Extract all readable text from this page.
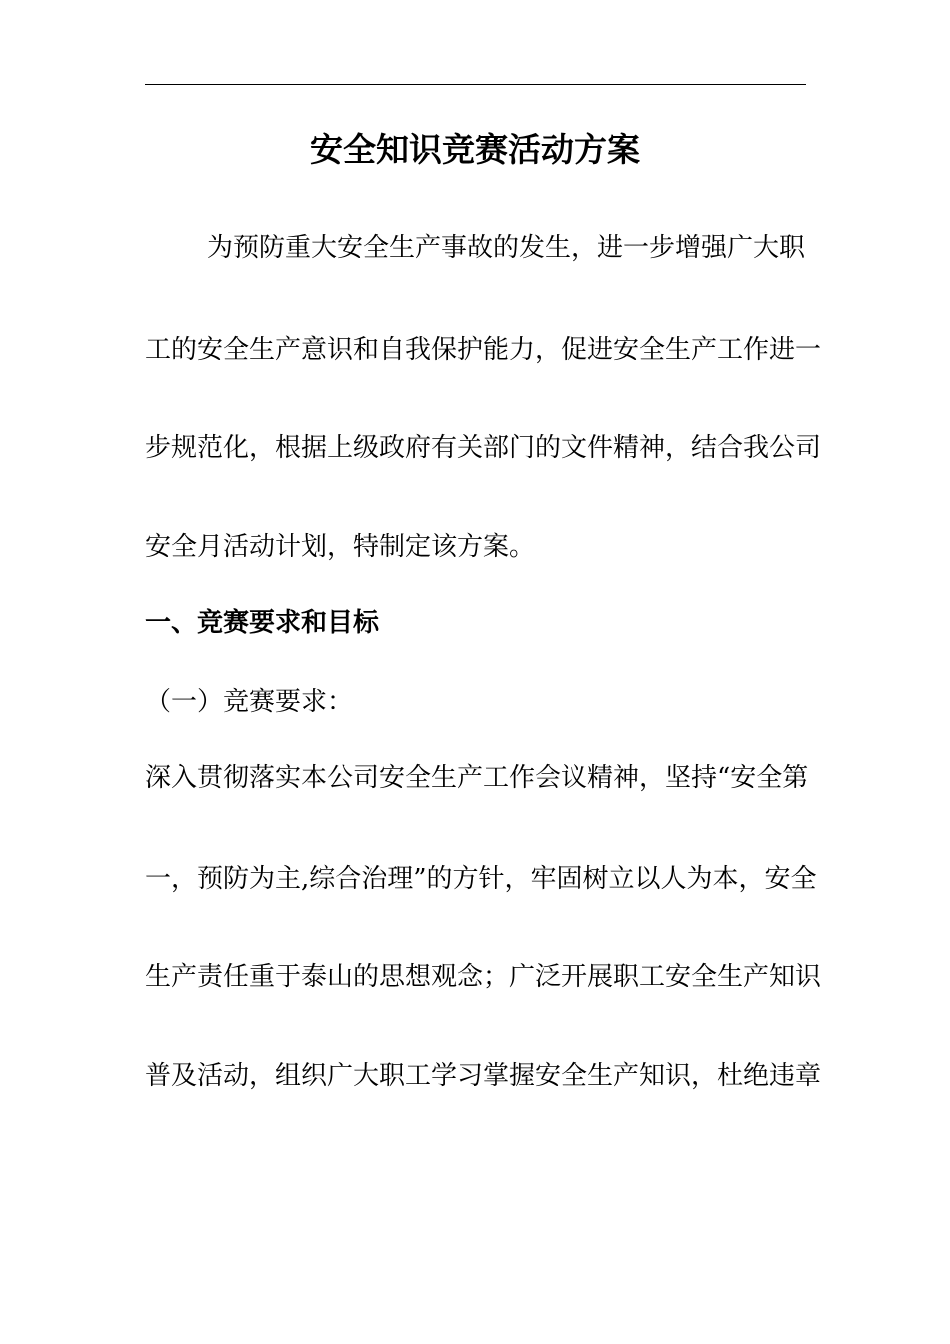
安全知识竞赛活动方案

为预防重大安全生产事故的发生，进一步增强广大职

工的安全生产意识和自我保护能力，促进安全生产工作进一

步规范化，根据上级政府有关部门的文件精神，结合我公司

安全月活动计划，特制定该方案。

一、竞赛要求和目标

（一）竞赛要求：

深入贯彻落实本公司安全生产工作会议精神，坚持“安全第

一，预防为主,综合治理”的方针，牢固树立以人为本，安全

生产责任重于泰山的思想观念；广泛开展职工安全生产知识

普及活动，组织广大职工学习掌握安全生产知识，杜绝违章
